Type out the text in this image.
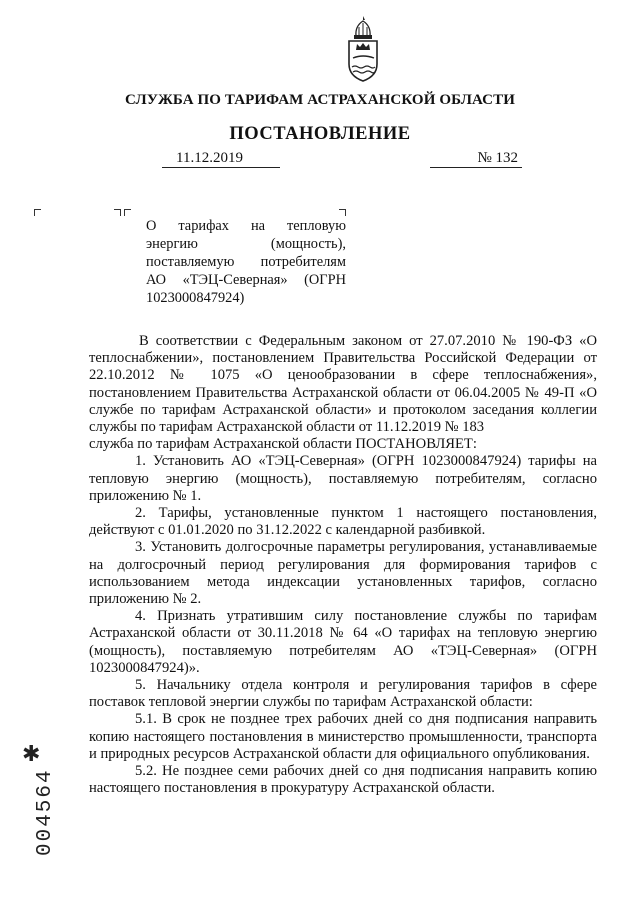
СЛУЖБА ПО ТАРИФАМ АСТРАХАНСКОЙ ОБЛАСТИ
ПОСТАНОВЛЕНИЕ
11.12.2019	№ 132
О тарифах на тепловую энергию (мощность), поставляемую потребителям АО «ТЭЦ-Северная» (ОГРН 1023000847924)

В соответствии с Федеральным законом от 27.07.2010 № 190-ФЗ «О теплоснабжении», постановлением Правительства Российской Федерации от 22.10.2012 № 1075 «О ценообразовании в сфере теплоснабжения», постановлением Правительства Астраханской области от 06.04.2005 № 49-П «О службе по тарифам Астраханской области» и протоколом заседания коллегии службы по тарифам Астраханской области от 11.12.2019 № 183

служба по тарифам Астраханской области ПОСТАНОВЛЯЕТ:

1. Установить АО «ТЭЦ-Северная» (ОГРН 1023000847924) тарифы на тепловую энергию (мощность), поставляемую потребителям, согласно приложению № 1.

2. Тарифы, установленные пунктом 1 настоящего постановления, действуют с 01.01.2020 по 31.12.2022 с календарной разбивкой.

3. Установить долгосрочные параметры регулирования, устанавливаемые на долгосрочный период регулирования для формирования тарифов с использованием метода индексации установленных тарифов, согласно приложению № 2.

4. Признать утратившим силу постановление службы по тарифам Астраханской области от 30.11.2018 № 64 «О тарифах на тепловую энергию (мощность), поставляемую потребителям АО «ТЭЦ-Северная» (ОГРН 1023000847924)».

5. Начальнику отдела контроля и регулирования тарифов в сфере поставок тепловой энергии службы по тарифам Астраханской области:

5.1. В срок не позднее трех рабочих дней со дня подписания направить копию настоящего постановления в министерство промышленности, транспорта и природных ресурсов Астраханской области для официального опубликования.

5.2. Не позднее семи рабочих дней со дня подписания направить копию настоящего постановления в прокуратуру Астраханской области.

✱
004564
